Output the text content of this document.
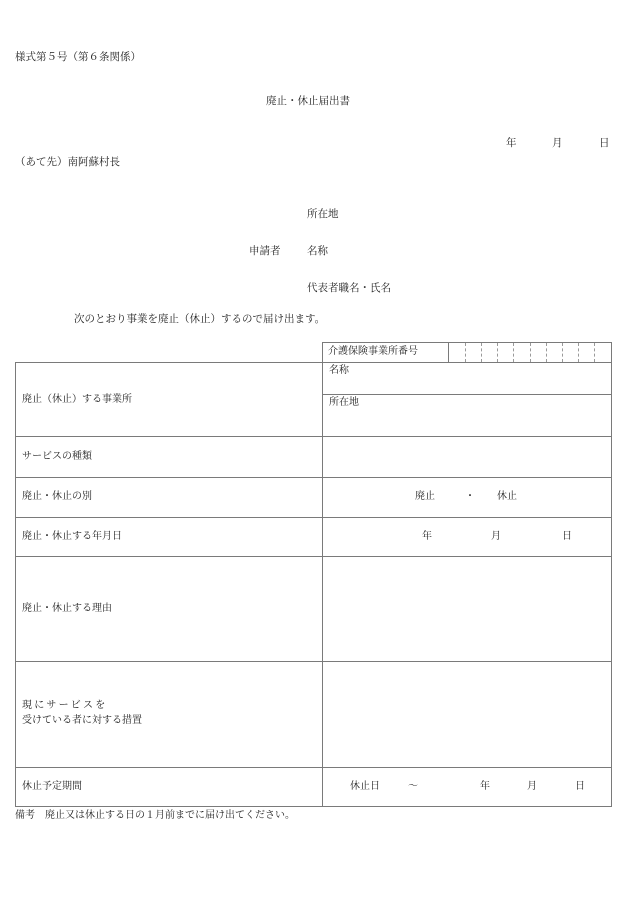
様式第５号（第６条関係）
廃止・休止届出書
年	月	日
（あて先）南阿蘇村長
所在地
申請者	名称
代表者職名・氏名
次のとおり事業を廃止（休止）するので届け出ます。
介護保険事業所番号
廃止（休止）する事業所
名称
所在地
サービスの種類
廃止・休止の別	廃止	・ 休止
廃止・休止する年月日	年	月	日
廃止・休止する理由
現にサービスを
受けている者に対する措置
休止予定期間	休止日	～	年	月	日
備考　廃止又は休止する日の１月前までに届け出てください。
